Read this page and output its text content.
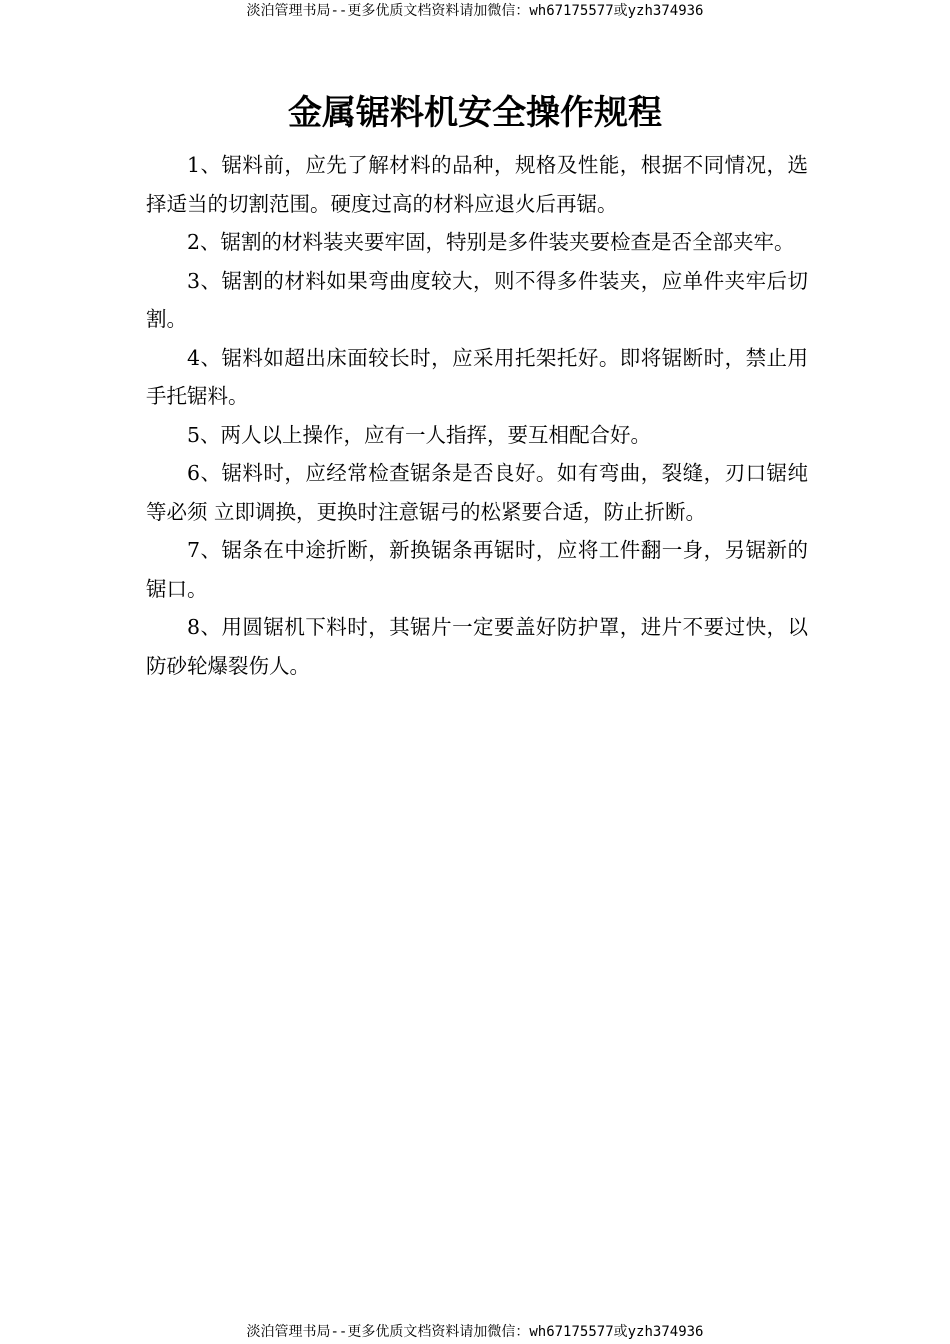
淡泊管理书局--更多优质文档资料请加微信：wh67175577或yzh374936
金属锯料机安全操作规程

1、锯料前，应先了解材料的品种，规格及性能，根据不同情况，选择适当的切割范围。硬度过高的材料应退火后再锯。

2、锯割的材料装夹要牢固，特别是多件装夹要检查是否全部夹牢。

3、锯割的材料如果弯曲度较大，则不得多件装夹，应单件夹牢后切割。

4、锯料如超出床面较长时，应采用托架托好。即将锯断时，禁止用手托锯料。

5、两人以上操作，应有一人指挥，要互相配合好。

6、锯料时，应经常检查锯条是否良好。如有弯曲，裂缝，刃口锯纯等必须 立即调换，更换时注意锯弓的松紧要合适，防止折断。

7、锯条在中途折断，新换锯条再锯时，应将工件翻一身，另锯新的锯口。

8、用圆锯机下料时，其锯片一定要盖好防护罩，进片不要过快，以防砂轮爆裂伤人。

淡泊管理书局--更多优质文档资料请加微信：wh67175577或yzh374936
